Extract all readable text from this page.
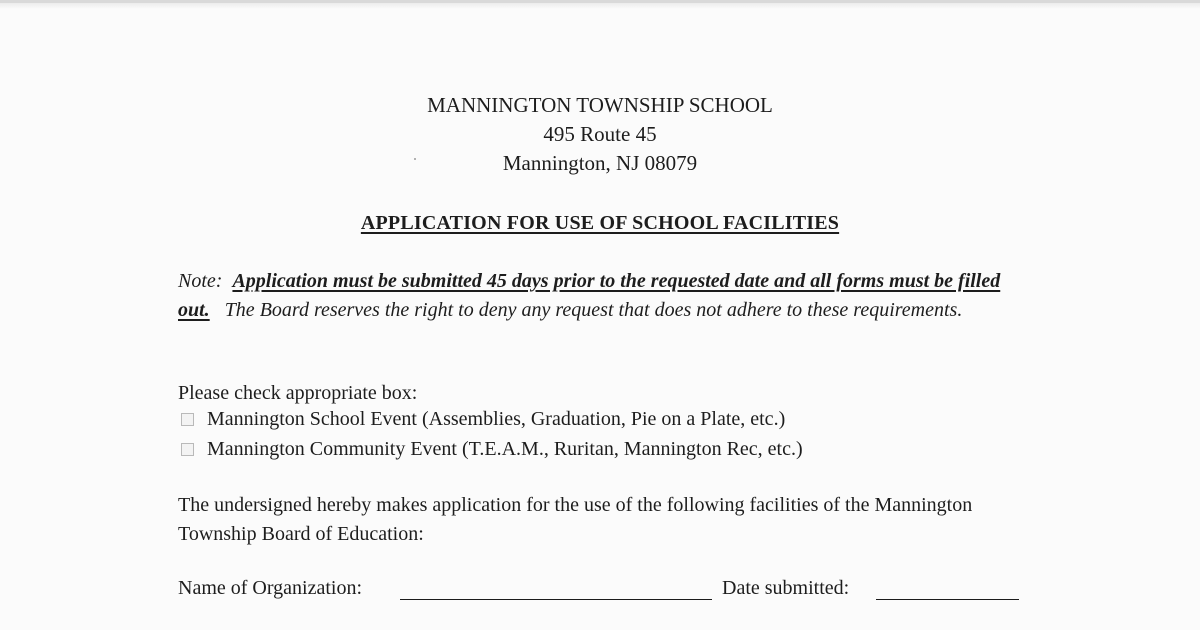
MANNINGTON TOWNSHIP SCHOOL
495 Route 45
Mannington, NJ 08079
APPLICATION FOR USE OF SCHOOL FACILITIES
Note: Application must be submitted 45 days prior to the requested date and all forms must be filled out. The Board reserves the right to deny any request that does not adhere to these requirements.
Please check appropriate box:
Mannington School Event (Assemblies, Graduation, Pie on a Plate, etc.)
Mannington Community Event (T.E.A.M., Ruritan, Mannington Rec, etc.)
The undersigned hereby makes application for the use of the following facilities of the Mannington Township Board of Education:
Name of Organization:	Date submitted:
